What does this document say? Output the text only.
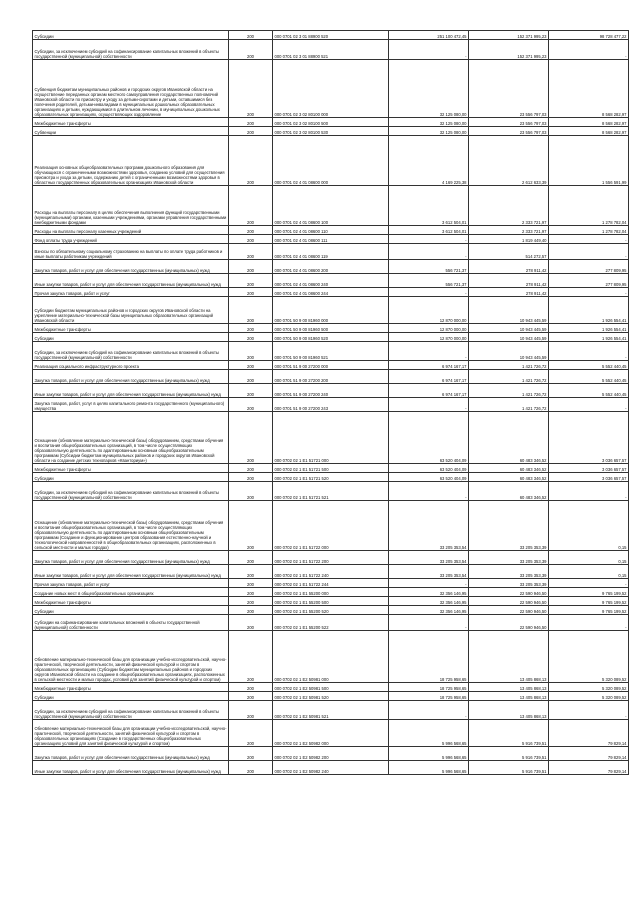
Субсидии	200	000 0701 02 3 01 88900 520	251 100 472,45	152 371 995,23	98 728 477,22
Субсидии, за исключением субсидий на софинансирование капитальных вложений в объекты государственной (муниципальной) собственности	200	000 0701 02 3 01 88900 521	-	152 371 995,23	-
Субвенция бюджетам муниципальных районов и городских округов Ивановской области на осуществление переданных органам местного самоуправления государственных полномочий Ивановской области по присмотру и уходу за детьми-сиротами и детьми, оставшимися без попечения родителей, детьми-инвалидами в муниципальных дошкольных образовательных организациях и детьми, нуждающимися в длительном лечении, в муниципальных дошкольных образовательных организациях, осуществляющих оздоровление	200	000 0701 02 3 02 80100 000	32 125 080,00	23 556 797,03	8 568 282,97
Межбюджетные трансферты	200	000 0701 02 3 02 80100 500	32 125 080,00	23 556 797,03	8 568 282,97
Субвенции	200	000 0701 02 3 02 80100 530	32 125 080,00	23 556 797,03	8 568 282,97
Реализация основных общеобразовательных программ дошкольного образования для обучающихся с ограниченными возможностями здоровья, созданию условий для осуществления присмотра и ухода за детьми, содержанию детей с ограниченными возможностями здоровья в областных государственных образовательных организациях Ивановской области	200	000 0701 02 4 01 08600 000	4 169 225,38	2 612 633,39	1 556 591,99
Расходы на выплаты персоналу в целях обеспечения выполнения функций государственными (муниципальными) органами, казенными учреждениями, органами управления государственными внебюджетными фондами	200	000 0701 02 4 01 08600 100	3 612 504,01	2 333 721,97	1 278 782,04
Расходы на выплаты персоналу казенных учреждений	200	000 0701 02 4 01 08600 110	3 612 504,01	2 333 721,97	1 278 782,04
Фонд оплаты труда учреждений	200	000 0701 02 4 01 08600 111	-	1 819 449,40	-
Взносы по обязательному социальному страхованию на выплаты по оплате труда работников и иные выплаты работникам учреждений	200	000 0701 02 4 01 08600 119	-	514 272,57	-
Закупка товаров, работ и услуг для обеспечения государственных (муниципальных) нужд	200	000 0701 02 4 01 08600 200	556 721,37	278 911,42	277 809,95
Иные закупки товаров, работ и услуг для обеспечения государственных (муниципальных) нужд	200	000 0701 02 4 01 08600 240	556 721,37	278 911,42	277 809,95
Прочая закупка товаров, работ и услуг	200	000 0701 02 4 01 08600 244	-	278 911,42	-
Субсидии бюджетам муниципальных районов и городских округов Ивановской области на укрепление материально-технической базы муниципальных образовательных организаций Ивановской области	200	000 0701 50 9 00 81960 000	12 870 000,00	10 943 445,59	1 926 554,41
Межбюджетные трансферты	200	000 0701 50 9 00 81960 500	12 870 000,00	10 943 445,59	1 926 554,41
Субсидии	200	000 0701 50 9 00 81960 520	12 870 000,00	10 943 445,59	1 926 554,41
Субсидии, за исключением субсидий на софинансирование капитальных вложений в объекты государственной (муниципальной) собственности	200	000 0701 50 9 00 81960 521	-	10 943 445,59	-
Реализация социального инфраструктурного проекта	200	000 0701 51 9 00 27200 000	6 974 167,17	1 421 726,72	5 552 440,45
Закупка товаров, работ и услуг для обеспечения государственных (муниципальных) нужд	200	000 0701 51 9 00 27200 200	6 974 167,17	1 421 726,72	5 552 440,45
Иные закупки товаров, работ и услуг для обеспечения государственных (муниципальных) нужд	200	000 0701 51 9 00 27200 240	6 974 167,17	1 421 726,72	5 552 440,45
Закупка товаров, работ, услуг в целях капитального ремонта государственного (муниципального) имущества	200	000 0701 51 9 00 27200 243	-	1 421 726,72	-
Оснащение (обновление материально-технической базы) оборудованием, средствами обучения и воспитания общеобразовательных организаций, в том числе осуществляющих образовательную деятельность по адаптированным основным общеобразовательным программам (Субсидии бюджетам муниципальных районов и городских округов Ивановской области на создание детских технопарков «Кванториум»)	200	000 0702 02 1 E1 51721 000	63 520 404,09	60 483 346,52	3 036 657,57
Межбюджетные трансферты	200	000 0702 02 1 E1 51721 500	63 520 404,09	60 483 346,52	3 036 657,57
Субсидии	200	000 0702 02 1 E1 51721 520	63 520 404,09	60 483 346,52	3 036 657,57
Субсидии, за исключением субсидий на софинансирование капитальных вложений в объекты государственной (муниципальной) собственности	200	000 0702 02 1 E1 51721 521	-	60 483 346,52	-
Оснащение (обновление материально-технической базы) оборудованием, средствами обучения и воспитания общеобразовательных организаций, в том числе осуществляющих образовательную деятельность по адаптированным основным общеобразовательным программам (Создание и функционирование центров образования естественно-научной и технологической направленностей в общеобразовательных организациях, расположенных в сельской местности и малых городах)	200	000 0702 02 1 E1 51722 000	33 205 353,54	33 205 353,39	0,15
Закупка товаров, работ и услуг для обеспечения государственных (муниципальных) нужд	200	000 0702 02 1 E1 51722 200	33 205 353,54	33 205 353,39	0,15
Иные закупки товаров, работ и услуг для обеспечения государственных (муниципальных) нужд	200	000 0702 02 1 E1 51722 240	33 205 353,54	33 205 353,39	0,15
Прочая закупка товаров, работ и услуг	200	000 0702 02 1 E1 51722 244	-	33 205 353,39	-
Создание новых мест в общеобразовательных организациях	200	000 0702 02 1 E1 55200 000	32 356 146,95	22 590 946,50	9 765 199,52
Межбюджетные трансферты	200	000 0702 02 1 E1 55200 500	32 356 146,95	22 590 946,50	9 765 199,52
Субсидии	200	000 0702 02 1 E1 55200 520	32 356 146,95	22 590 946,50	9 765 199,52
Субсидии на софинансирование капитальных вложений в объекты государственной (муниципальной) собственности	200	000 0702 02 1 E1 55200 522	-	22 590 946,50	-
Обновление материально-технической базы для организации учебно-исследовательской, научно-практической, творческой деятельности, занятий физической культурой и спортом в образовательных организациях (Субсидии бюджетам муниципальных районов и городских округов Ивановской области на создание в общеобразовательных организациях, расположенных в сельской местности и малых городах, условий для занятий физической культурой и спортом)	200	000 0702 02 1 E2 50981 000	18 725 958,65	13 405 868,13	5 320 089,52
Межбюджетные трансферты	200	000 0702 02 1 E2 50981 500	18 725 958,65	13 405 868,13	5 320 089,52
Субсидии	200	000 0702 02 1 E2 50981 520	18 725 958,65	13 405 868,13	5 320 089,52
Субсидии, за исключением субсидий на софинансирование капитальных вложений в объекты государственной (муниципальной) собственности	200	000 0702 02 1 E2 50981 521	-	13 405 868,13	-
Обновление материально-технической базы для организации учебно-исследовательской, научно-практической, творческой деятельности, занятий физической культурой и спортом в образовательных организациях (Создание в государственных общеобразовательных организациях условий для занятий физической культурой и спортом)	200	000 0702 02 1 E2 50982 000	5 996 568,65	5 916 739,51	79 829,14
Закупка товаров, работ и услуг для обеспечения государственных (муниципальных) нужд	200	000 0702 02 1 E2 50982 200	5 996 568,65	5 916 739,51	79 829,14
Иные закупки товаров, работ и услуг для обеспечения государственных (муниципальных) нужд	200	000 0702 02 1 E2 50982 240	5 996 568,65	5 916 739,51	79 829,14
